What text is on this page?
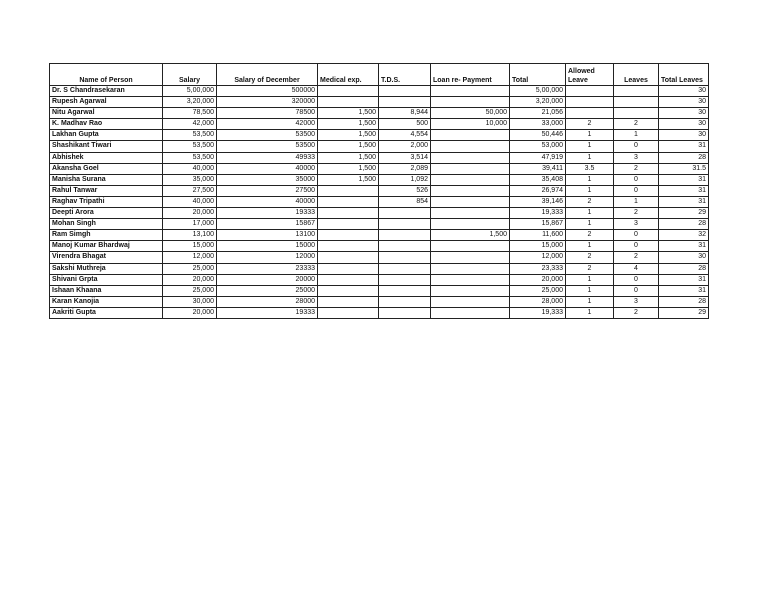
Name of Person	Salary	Salary of December	Medical exp.	T.D.S.	Loan re- Payment	Total	Allowed Leave	Leaves	Total Leaves
Dr. S Chandrasekaran	5,00,000	500000				5,00,000			30
Rupesh Agarwal	3,20,000	320000				3,20,000			30
Nitu Agarwal	78,500	78500	1,500	8,944	50,000	21,056			30
K. Madhav Rao	42,000	42000	1,500	500	10,000	33,000	2	2	30
Lakhan Gupta	53,500	53500	1,500	4,554		50,446	1	1	30
Shashikant Tiwari	53,500	53500	1,500	2,000		53,000	1	0	31
Abhishek	53,500	49933	1,500	3,514		47,919	1	3	28
Akansha Goel	40,000	40000	1,500	2,089		39,411	3.5	2	31.5
Manisha Surana	35,000	35000	1,500	1,092		35,408	1	0	31
Rahul Tanwar	27,500	27500		526		26,974	1	0	31
Raghav Tripathi	40,000	40000		854		39,146	2	1	31
Deepti Arora	20,000	19333				19,333	1	2	29
Mohan Singh	17,000	15867				15,867	1	3	28
Ram Simgh	13,100	13100			1,500	11,600	2	0	32
Manoj Kumar Bhardwaj	15,000	15000				15,000	1	0	31
Virendra Bhagat	12,000	12000				12,000	2	2	30
Sakshi Muthreja	25,000	23333				23,333	2	4	28
Shivani Grpta	20,000	20000				20,000	1	0	31
Ishaan Khaana	25,000	25000				25,000	1	0	31
Karan Kanojia	30,000	28000				28,000	1	3	28
Aakriti Gupta	20,000	19333				19,333	1	2	29
